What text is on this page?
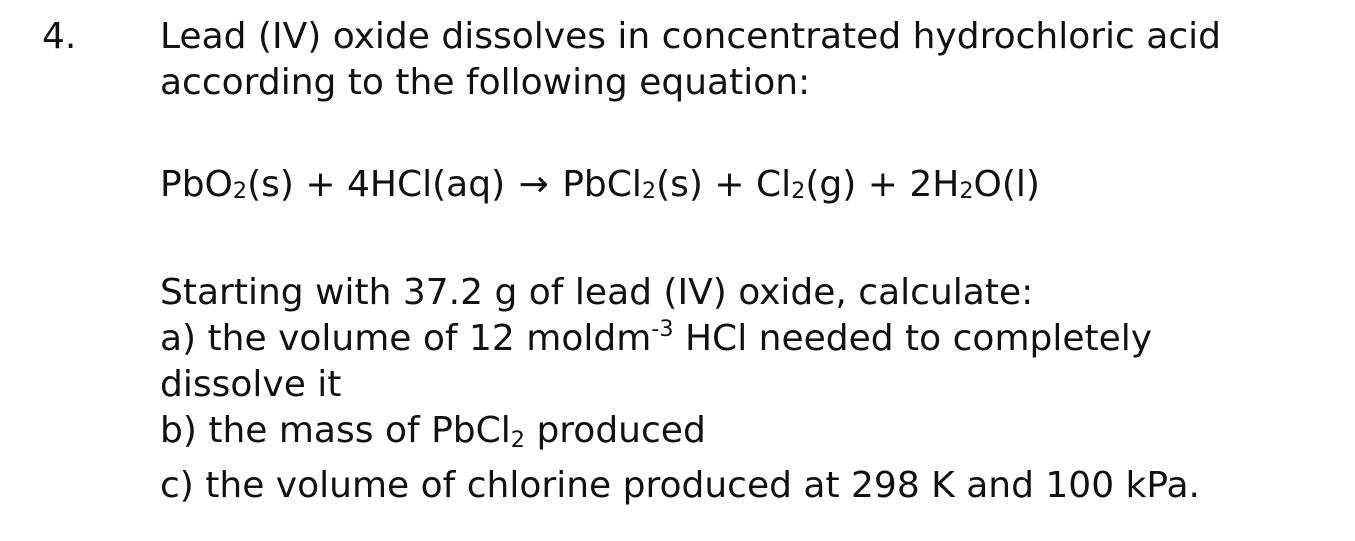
4. Lead (IV) oxide dissolves in concentrated hydrochloric acid
according to the following equation:
PbO2(s) + 4HCl(aq) → PbCl2(s) + Cl2(g) + 2H2O(l)
Starting with 37.2 g of lead (IV) oxide, calculate:
a) the volume of 12 moldm$^{-3}$ HCl needed to completely
dissolve it
b) the mass of PbCl$_2$ produced
c) the volume of chlorine produced at 298 K and 100 kPa.
